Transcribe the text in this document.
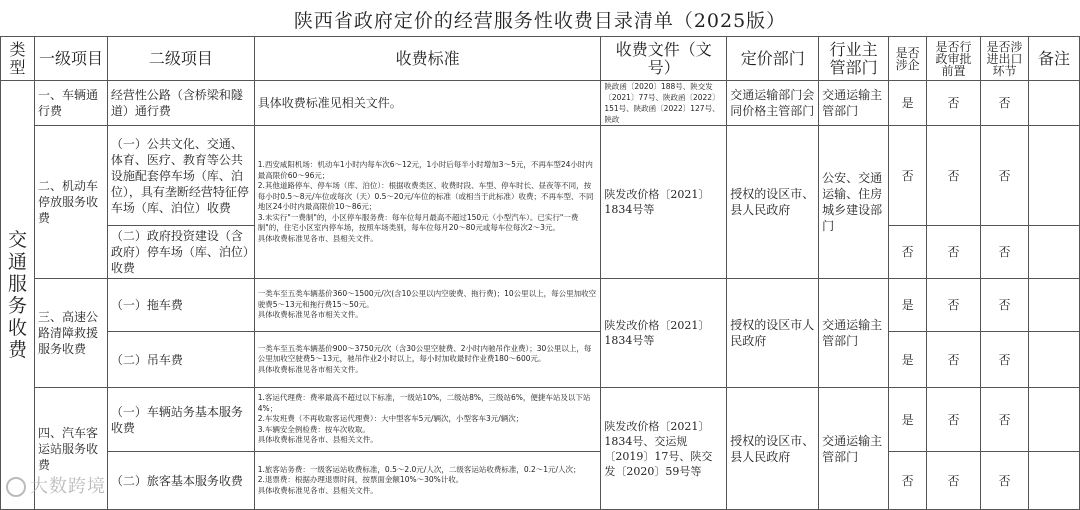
陕西省政府定价的经营服务性收费目录清单（2025版）
类型	一级项目	二级项目	收费标准	收费文件（文号）	定价部门	行业主管部门	是否涉企	是否行政审批前置	是否涉进出口环节	备注
交通服务收费	一、车辆通行费	经营性公路（含桥梁和隧道）通行费	具体收费标准见相关文件。	陕政函〔2020〕188号、陕交发〔2021〕77号、陕政函〔2022〕151号、陕政函〔2022〕127号、陕政	交通运输部门会同价格主管部门	交通运输主管部门	是	否	否	
	二、机动车停放服务收费	（一）公共文化、交通、体育、医疗、教育等公共设施配套停车场（库、泊位），具有垄断经营特征停车场（库、泊位）收费	1.西安咸阳机场：机动车1小时内每车次6～12元，1小时后每半小时增加3～5元，不再车型24小时内最高限价60～96元；
2.其他道路停车、停车场（库、泊位）：根据收费类区、收费时段、车型、停车时长、昼夜等不同，按每小时0.5～8元/车位或每次（天）0.5～20元/车位的标准（或相当于此标准）收费；不再车型、不同地区24小时内最高限价10～86元；
3.未实行"一费制"的，小区停车服务费：每车位每月最高不超过150元（小型汽车）。已实行"一费制"的，住宅小区室内停车场，按照车场类别，每车位每月20～80元或每车位每次2～3元。
具体收费标准见各市、县相关文件。	陕发改价格〔2021〕1834号等	授权的设区市、县人民政府	公安、交通运输、住房城乡建设部门	否	否	否	
		（二）政府投资建设（含政府）停车场（库、泊位）收费					否	否	否	
	三、高速公路清障救援服务收费	（一）拖车费	一类车至五类车辆基价360～1500元/次(含10公里以内空驶费、拖行费)；10公里以上，每公里加收空驶费5～13元和拖行费15～50元。
具体收费标准见各市相关文件。	陕发改价格〔2021〕1834号等	授权的设区市人民政府	交通运输主管部门	是	否	否	
		（二）吊车费	一类车至五类车辆基价900～3750元/次（含30公里空驶费、2小时内驰吊作业费）；30公里以上，每公里加收空驶费5～13元，驰吊作业2小时以上，每小时加收最时作业费180～600元。
具体收费标准见各市相关文件。				是	否	否	
	四、汽车客运站服务收费	（一）车辆站务基本服务收费	1.客运代理费：费率最高不超过以下标准，一级站10%，二级站8%，三级站6%，便捷车站及以下站4%；
2.车发班费（不再收取客运代理费）：大中型客车5元/辆次，小型客车3元/辆次；
3.车辆安全例检费：按车次收取。
具体收费标准见各市、县相关文件。	陕发改价格〔2021〕1834号、交运规〔2019〕17号、陕交发〔2020〕59号等	授权的设区市、县人民政府	交通运输主管部门	是	否	否	
		（二）旅客基本服务收费	1.旅客站务费：一级客运站收费标准，0.5～2.0元/人次，二级客运站收费标准，0.2～1元/人次；
2.退票费：根据办理退票时间，按票面金额10%～30%计收。
具体收费标准见各市、县相关文件。				否	否	否	
大数跨境
